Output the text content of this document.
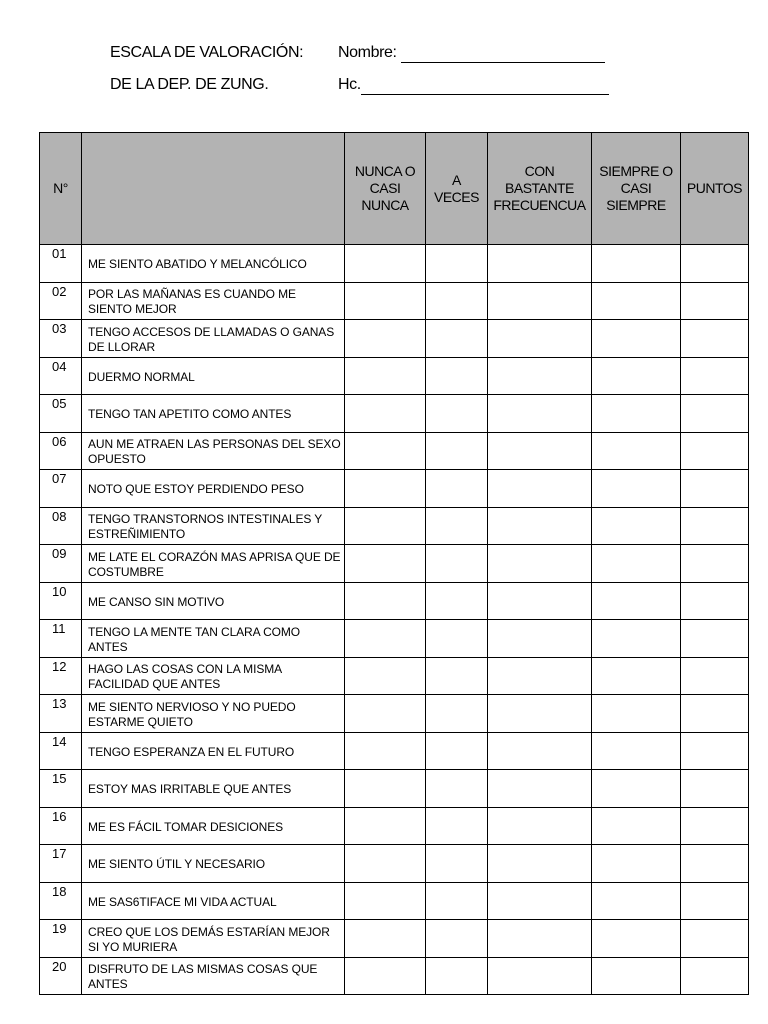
ESCALA DE VALORACIÓN:
DE LA DEP. DE ZUNG.
Nombre:
Hc.
N°		NUNCA O CASI NUNCA	A VECES	CON BASTANTE FRECUENCUA	SIEMPRE O CASI SIEMPRE	PUNTOS
01	ME SIENTO ABATIDO Y MELANCÓLICO					

02	POR LAS MAÑANAS ES CUANDO ME SIENTO MEJOR					

03	TENGO ACCESOS DE LLAMADAS O GANAS DE LLORAR					

04	DUERMO NORMAL					

05	TENGO TAN APETITO COMO ANTES					

06	AUN ME ATRAEN LAS PERSONAS DEL SEXO OPUESTO					

07	NOTO QUE ESTOY PERDIENDO PESO					

08	TENGO TRANSTORNOS INTESTINALES Y ESTREÑIMIENTO					

09	ME LATE EL CORAZÓN MAS APRISA QUE DE COSTUMBRE					

10	ME CANSO SIN MOTIVO					

11	TENGO LA MENTE TAN CLARA COMO ANTES					

12	HAGO LAS COSAS CON LA MISMA FACILIDAD QUE ANTES					

13	ME SIENTO NERVIOSO Y NO PUEDO ESTARME QUIETO					

14	TENGO ESPERANZA EN EL FUTURO					

15	ESTOY MAS IRRITABLE QUE ANTES					

16	ME ES FÁCIL TOMAR DESICIONES					

17	ME SIENTO ÚTIL Y NECESARIO					

18	ME SAS6TIFACE MI VIDA ACTUAL					

19	CREO QUE LOS DEMÁS ESTARÍAN MEJOR SI YO MURIERA					

20	DISFRUTO DE LAS MISMAS COSAS QUE ANTES					
